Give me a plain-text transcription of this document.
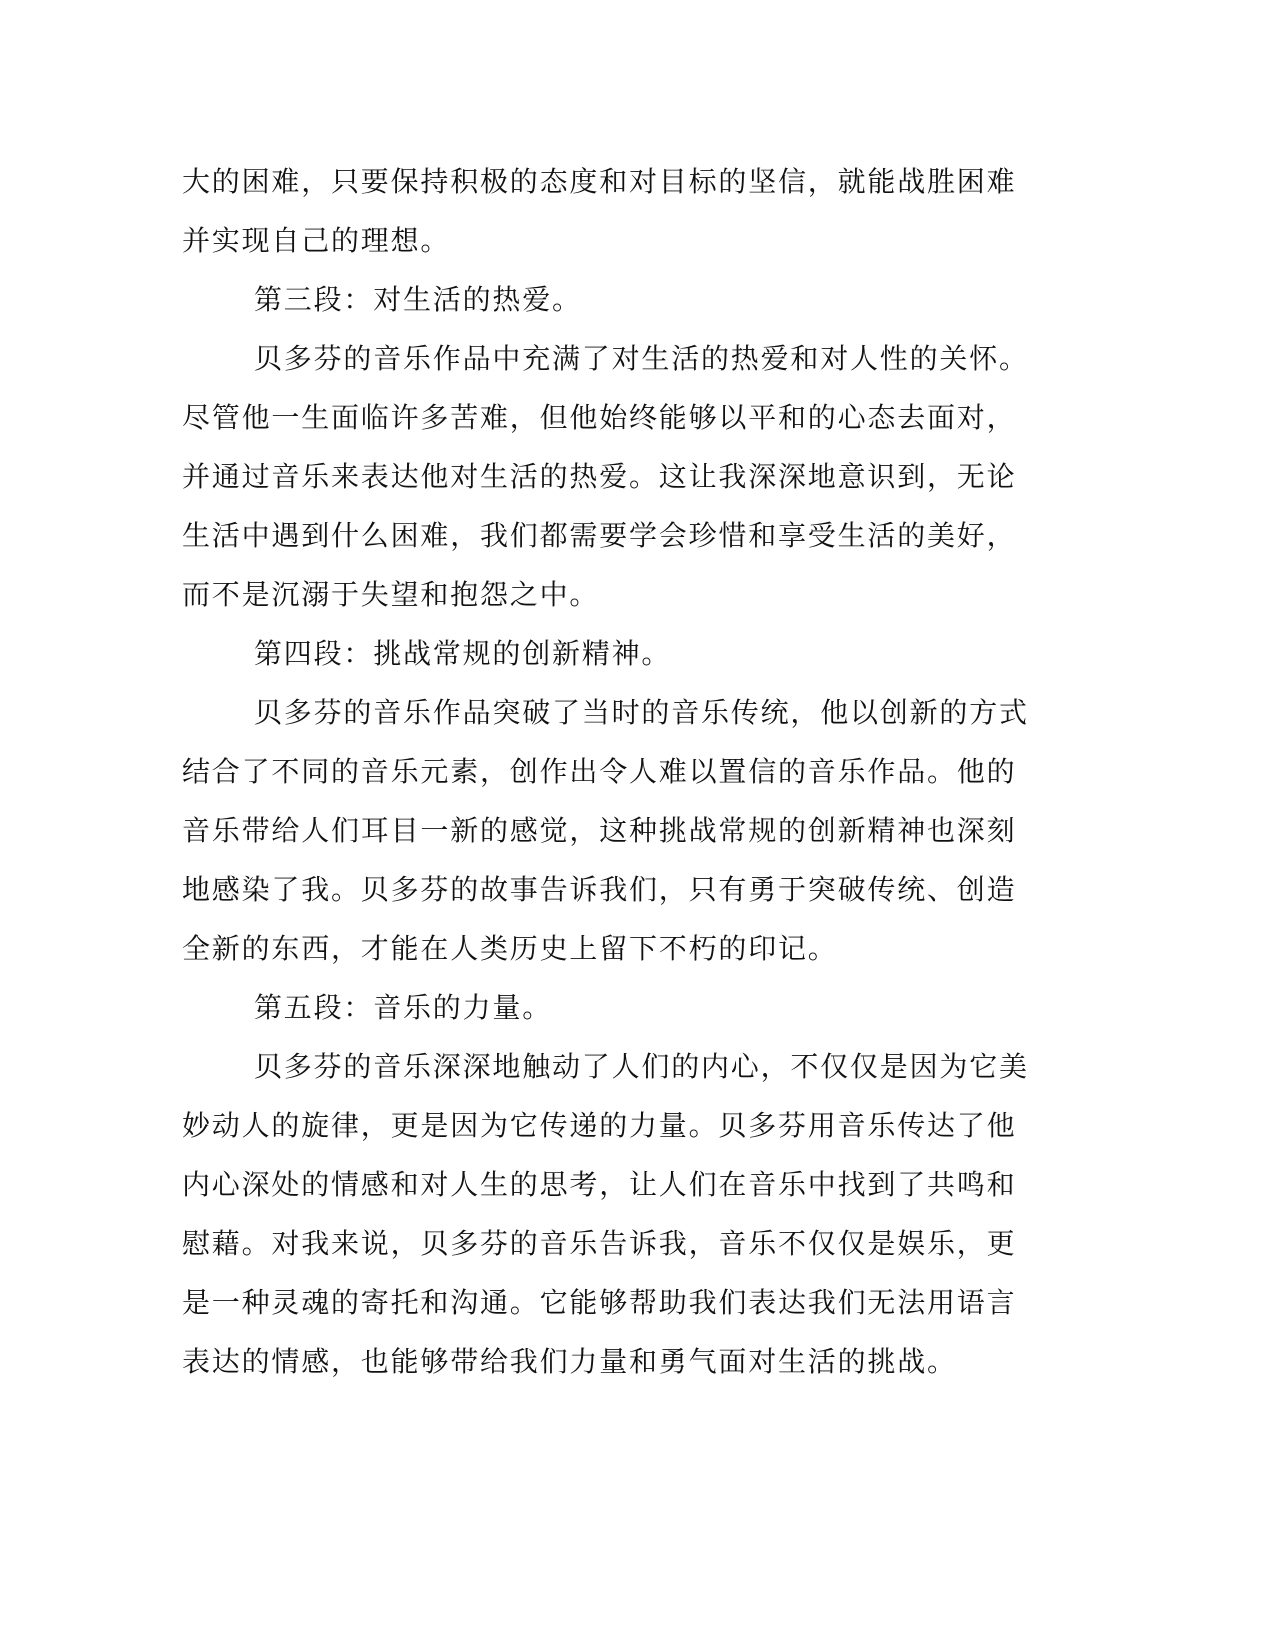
大的困难，只要保持积极的态度和对目标的坚信，就能战胜困难并实现自己的理想。

第三段：对生活的热爱。

贝多芬的音乐作品中充满了对生活的热爱和对人性的关怀。尽管他一生面临许多苦难，但他始终能够以平和的心态去面对，并通过音乐来表达他对生活的热爱。这让我深深地意识到，无论生活中遇到什么困难，我们都需要学会珍惜和享受生活的美好，而不是沉溺于失望和抱怨之中。

第四段：挑战常规的创新精神。

贝多芬的音乐作品突破了当时的音乐传统，他以创新的方式结合了不同的音乐元素，创作出令人难以置信的音乐作品。他的音乐带给人们耳目一新的感觉，这种挑战常规的创新精神也深刻地感染了我。贝多芬的故事告诉我们，只有勇于突破传统、创造全新的东西，才能在人类历史上留下不朽的印记。

第五段：音乐的力量。

贝多芬的音乐深深地触动了人们的内心，不仅仅是因为它美妙动人的旋律，更是因为它传递的力量。贝多芬用音乐传达了他内心深处的情感和对人生的思考，让人们在音乐中找到了共鸣和慰藉。对我来说，贝多芬的音乐告诉我，音乐不仅仅是娱乐，更是一种灵魂的寄托和沟通。它能够帮助我们表达我们无法用语言表达的情感，也能够带给我们力量和勇气面对生活的挑战。
